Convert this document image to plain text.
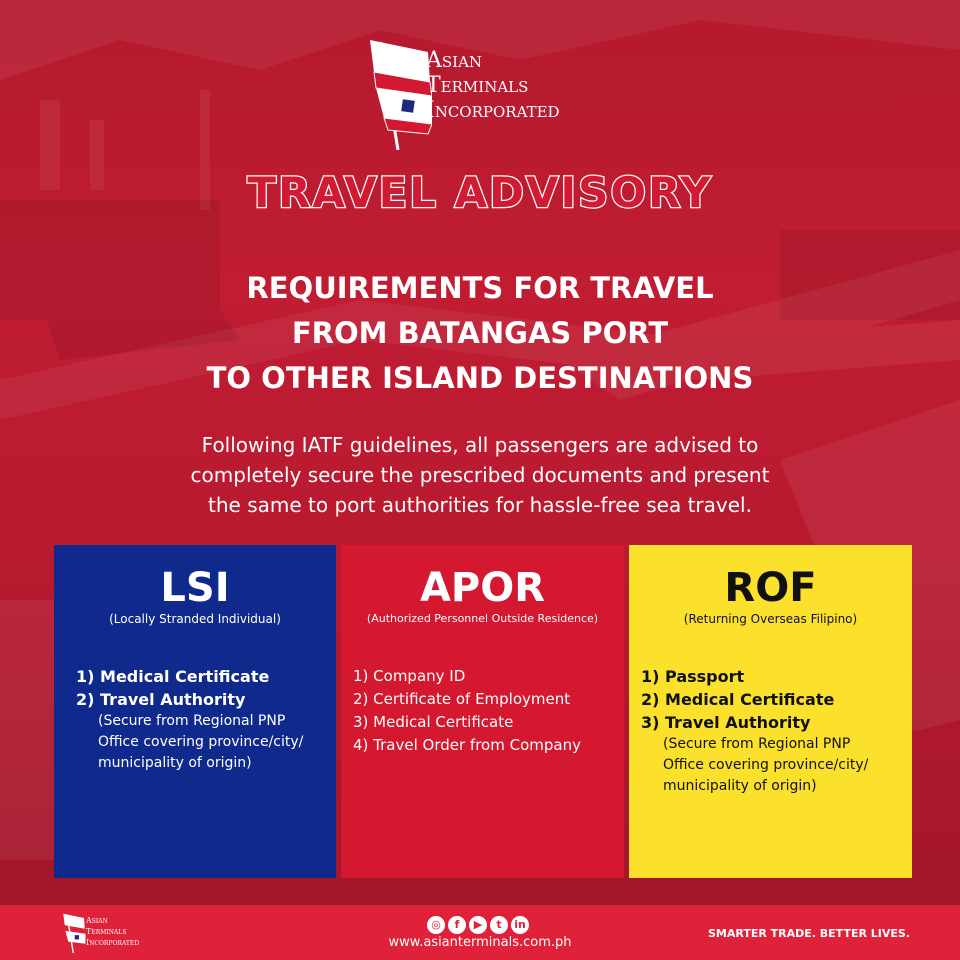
Asian
Terminals
Incorporated
TRAVEL ADVISORY
REQUIREMENTS FOR TRAVEL
FROM BATANGAS PORT
TO OTHER ISLAND DESTINATIONS
Following IATF guidelines, all passengers are advised to
completely secure the prescribed documents and present
the same to port authorities for hassle-free sea travel.
LSI
(Locally Stranded Individual)
1) Medical Certificate
2) Travel Authority
(Secure from Regional PNP
Office covering province/city/
municipality of origin)
APOR
(Authorized Personnel Outside Residence)
1) Company ID
2) Certificate of Employment
3) Medical Certificate
4) Travel Order from Company
ROF
(Returning Overseas Filipino)
1) Passport
2) Medical Certificate
3) Travel Authority
(Secure from Regional PNP
Office covering province/city/
municipality of origin)
Asian
Terminals
Incorporated
◎ f ▶ t in
www.asianterminals.com.ph
SMARTER TRADE. BETTER LIVES.
